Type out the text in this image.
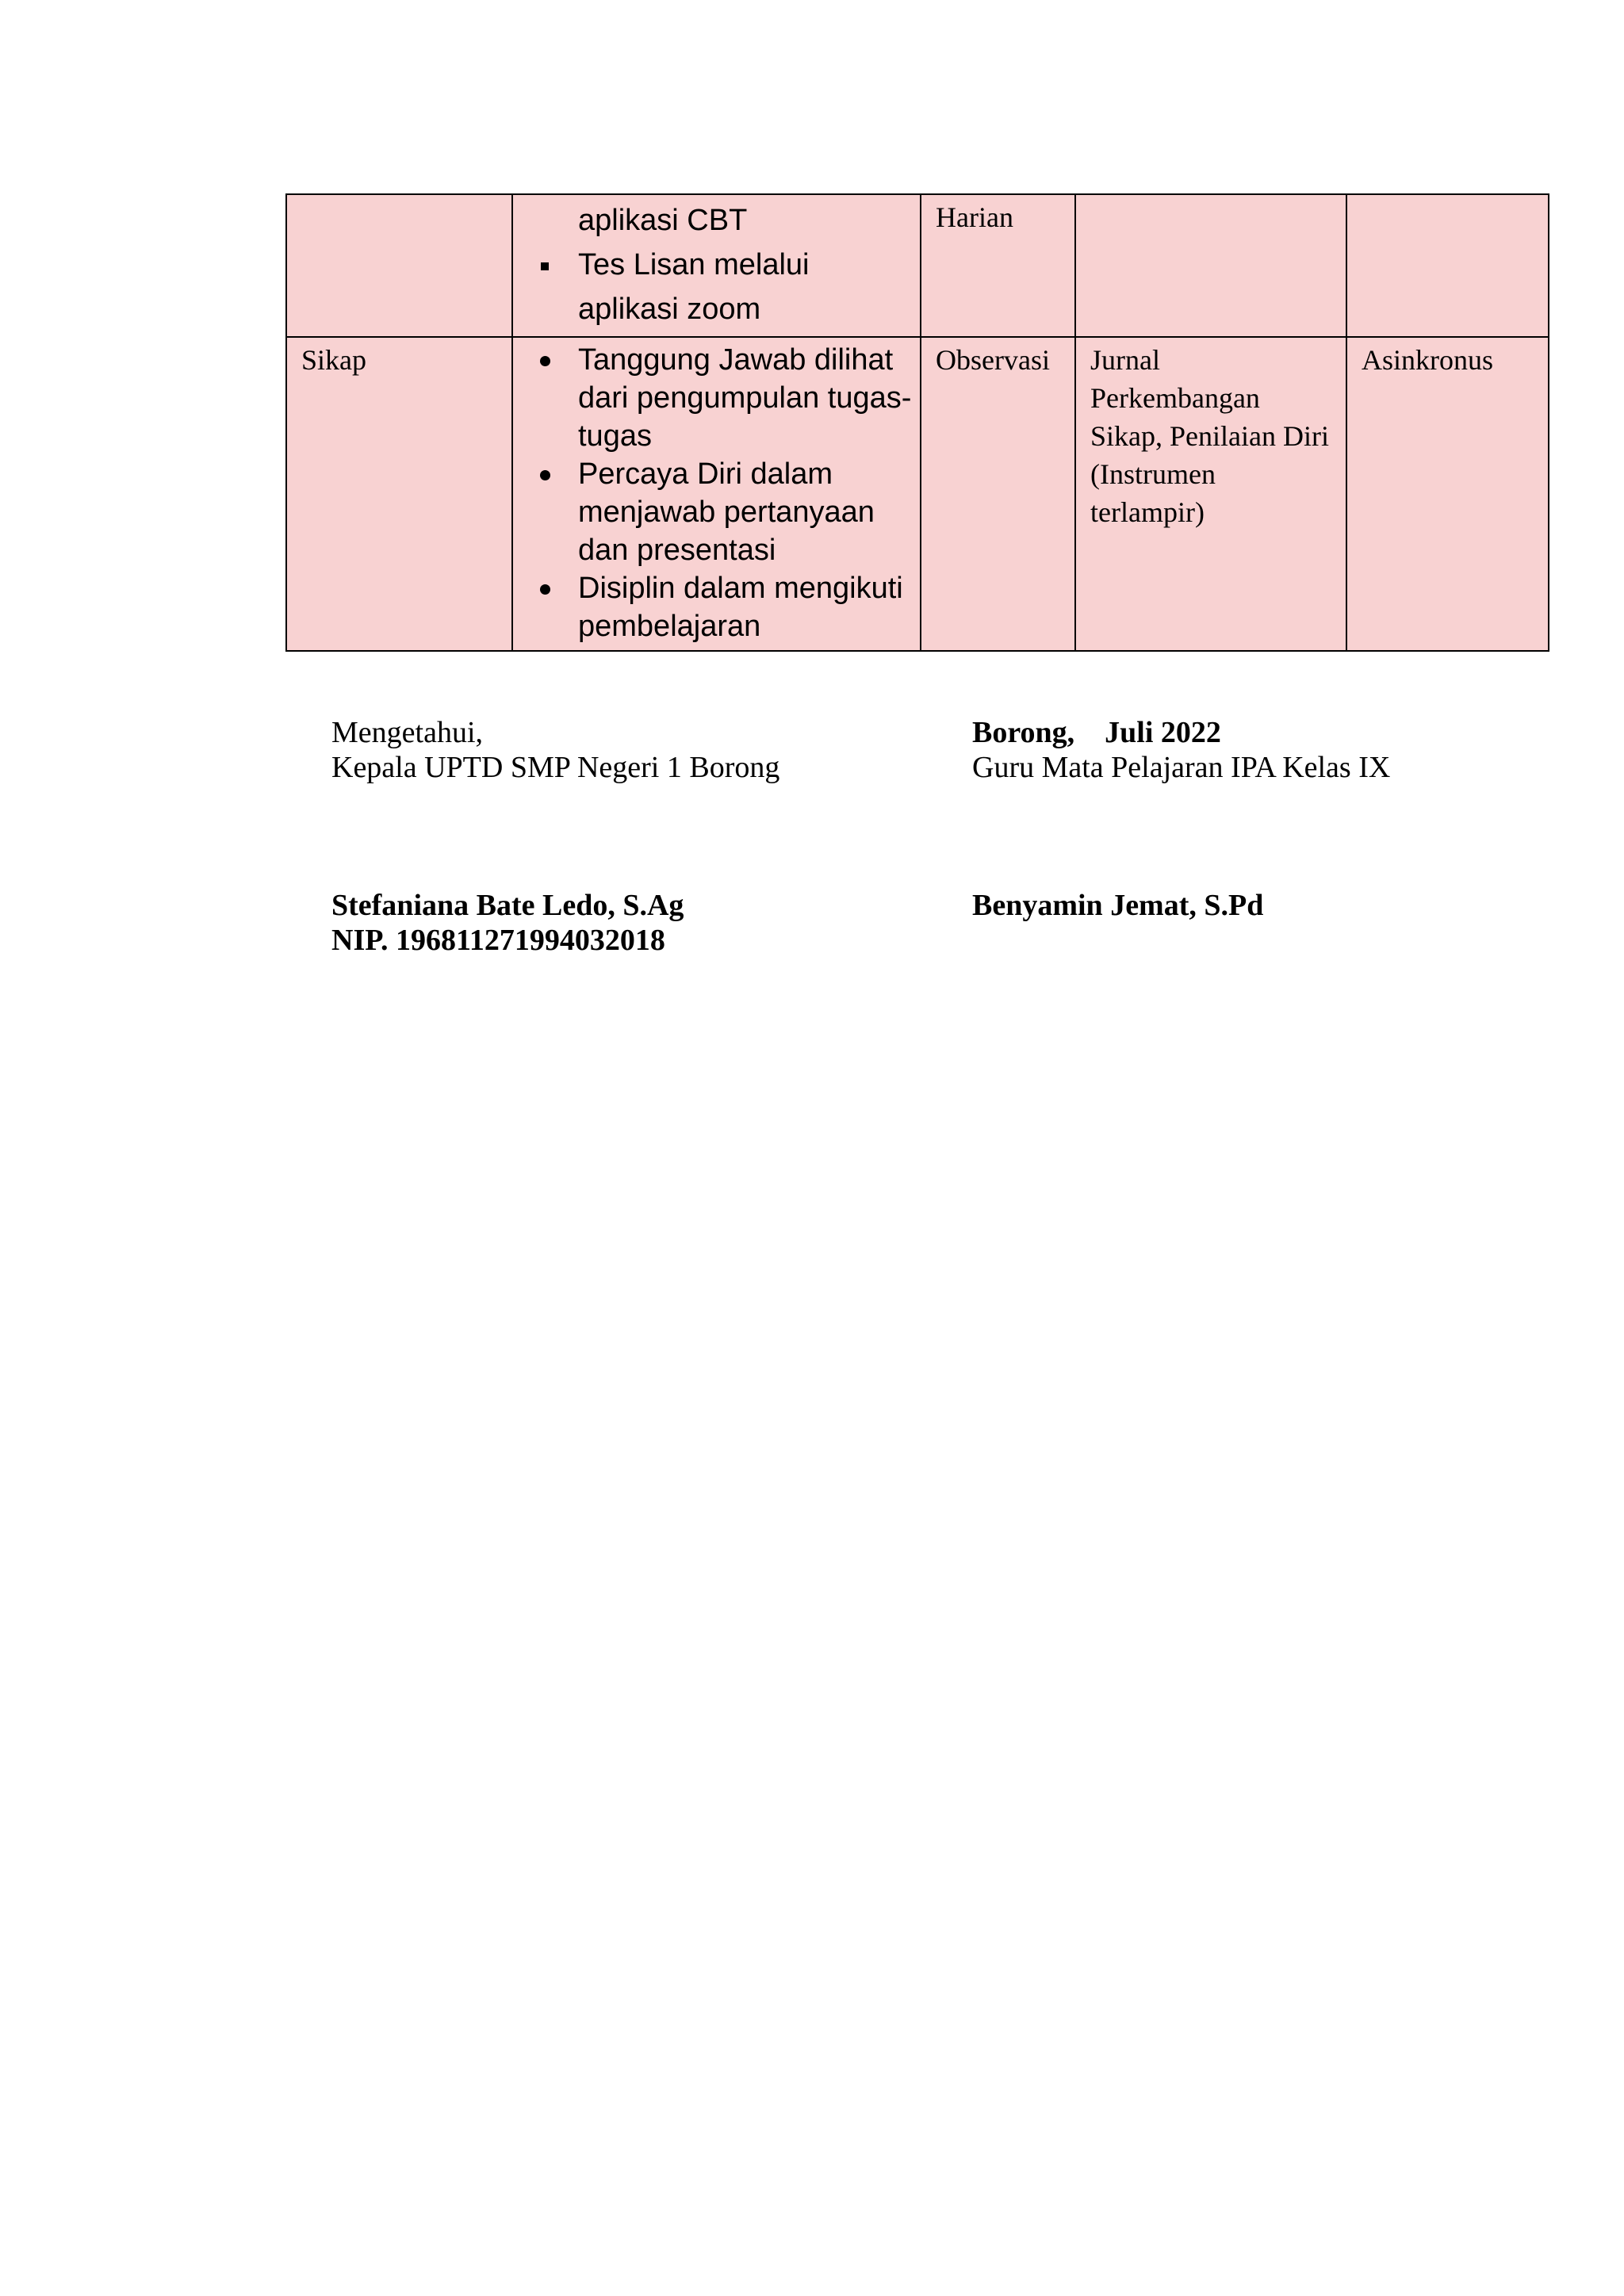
	aplikasi CBT
Tes Lisan melalui
aplikasi zoom	Harian		
Sikap	Tanggung Jawab dilihat dari pengumpulan tugas-tugas
Percaya Diri dalam menjawab pertanyaan dan presentasi
Disiplin dalam mengikuti pembelajaran	Observasi	Jurnal Perkembangan Sikap, Penilaian Diri (Instrumen terlampir)	Asinkronus
Mengetahui,
Kepala UPTD SMP Negeri 1 Borong
Stefaniana Bate Ledo, S.Ag
NIP. 196811271994032018
Borong,    Juli 2022
Guru Mata Pelajaran IPA Kelas IX
Benyamin Jemat, S.Pd
